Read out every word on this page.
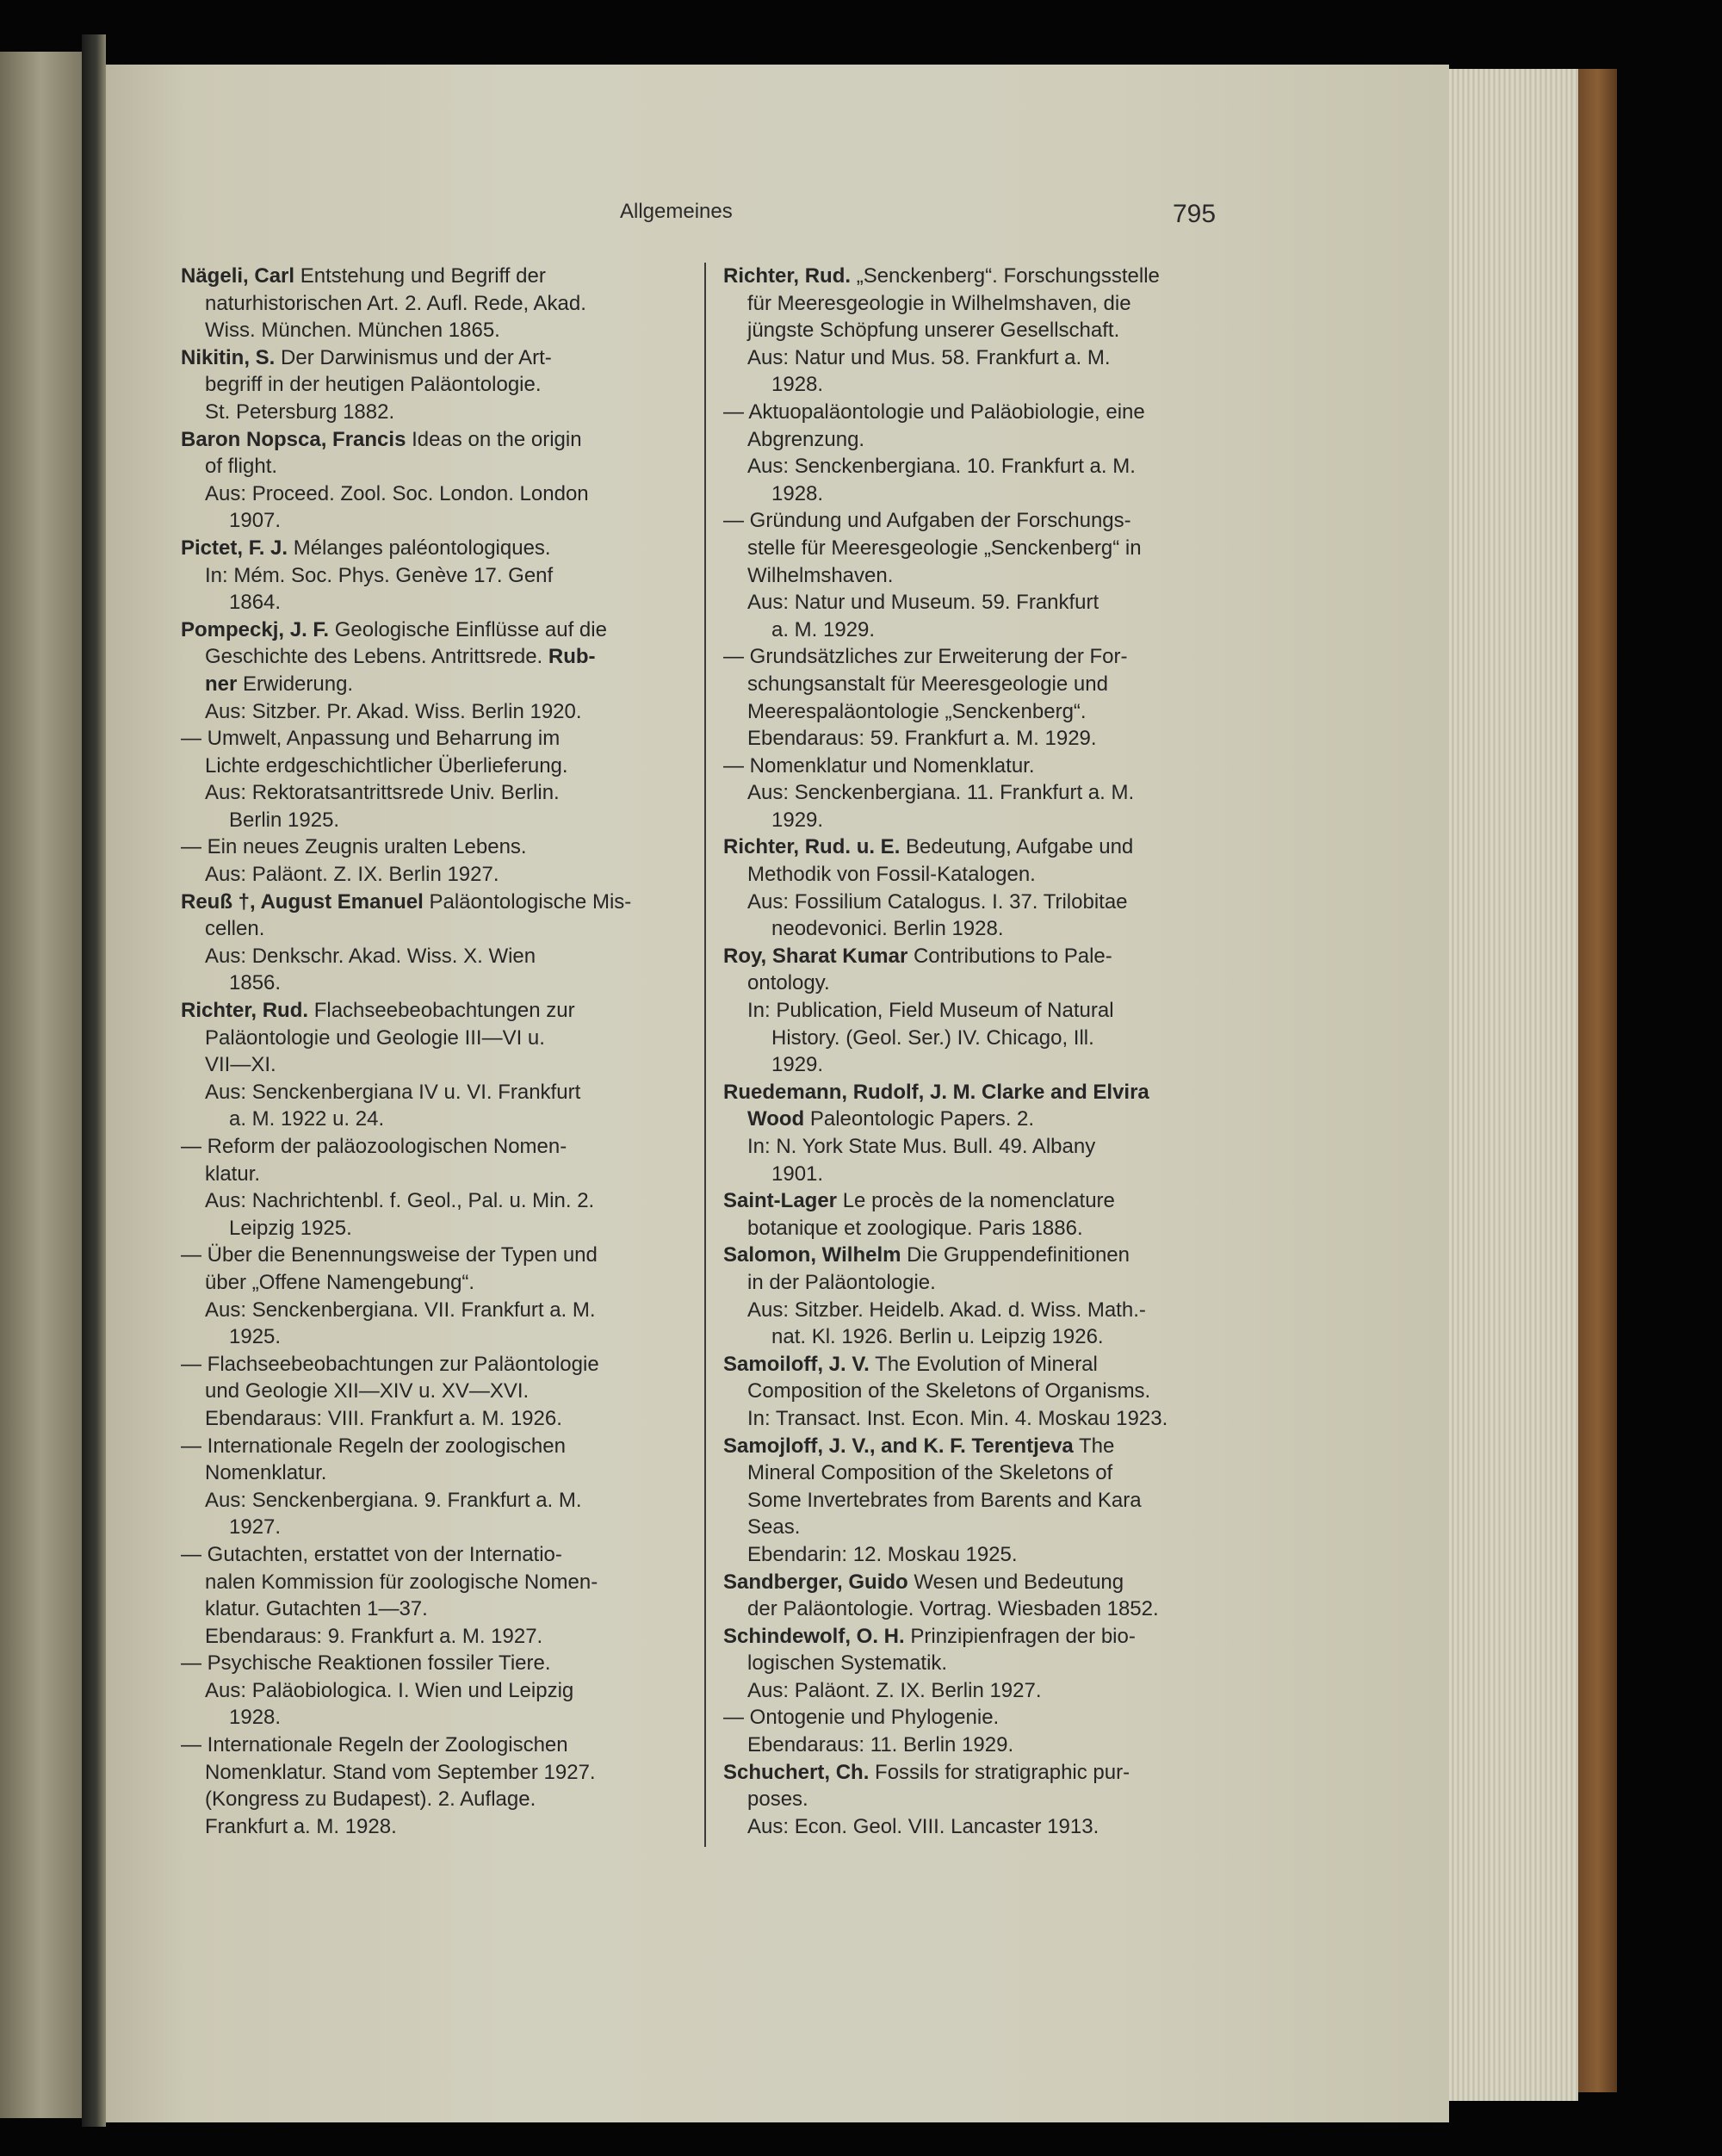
Allgemeines	795

Nägeli, Carl Entstehung und Begriff der
naturhistorischen Art. 2. Aufl. Rede, Akad.
Wiss. München. München 1865.

Nikitin, S. Der Darwinismus und der Art-
begriff in der heutigen Paläontologie.
St. Petersburg 1882.

Baron Nopsca, Francis Ideas on the origin
of flight.
Aus: Proceed. Zool. Soc. London. London
1907.

Pictet, F. J. Mélanges paléontologiques.
In: Mém. Soc. Phys. Genève 17. Genf
1864.

Pompeckj, J. F. Geologische Einflüsse auf die
Geschichte des Lebens. Antrittsrede. Rub-
ner Erwiderung.
Aus: Sitzber. Pr. Akad. Wiss. Berlin 1920.

— Umwelt, Anpassung und Beharrung im
Lichte erdgeschichtlicher Überlieferung.
Aus: Rektoratsantrittsrede Univ. Berlin.
Berlin 1925.

— Ein neues Zeugnis uralten Lebens.
Aus: Paläont. Z. IX. Berlin 1927.

Reuß †, August Emanuel Paläontologische Mis-
cellen.
Aus: Denkschr. Akad. Wiss. X. Wien
1856.

Richter, Rud. Flachseebeobachtungen zur
Paläontologie und Geologie III—VI u.
VII—XI.
Aus: Senckenbergiana IV u. VI. Frankfurt
a. M. 1922 u. 24.

— Reform der paläozoologischen Nomen-
klatur.
Aus: Nachrichtenbl. f. Geol., Pal. u. Min. 2.
Leipzig 1925.

— Über die Benennungsweise der Typen und
über „Offene Namengebung“.
Aus: Senckenbergiana. VII. Frankfurt a. M.
1925.

— Flachseebeobachtungen zur Paläontologie
und Geologie XII—XIV u. XV—XVI.
Ebendaraus: VIII. Frankfurt a. M. 1926.

— Internationale Regeln der zoologischen
Nomenklatur.
Aus: Senckenbergiana. 9. Frankfurt a. M.
1927.

— Gutachten, erstattet von der Internatio-
nalen Kommission für zoologische Nomen-
klatur. Gutachten 1—37.
Ebendaraus: 9. Frankfurt a. M. 1927.

— Psychische Reaktionen fossiler Tiere.
Aus: Paläobiologica. I. Wien und Leipzig
1928.

— Internationale Regeln der Zoologischen
Nomenklatur. Stand vom September 1927.
(Kongress zu Budapest). 2. Auflage.
Frankfurt a. M. 1928.

Richter, Rud. „Senckenberg“. Forschungsstelle
für Meeresgeologie in Wilhelmshaven, die
jüngste Schöpfung unserer Gesellschaft.
Aus: Natur und Mus. 58. Frankfurt a. M.
1928.

— Aktuopaläontologie und Paläobiologie, eine
Abgrenzung.
Aus: Senckenbergiana. 10. Frankfurt a. M.
1928.

— Gründung und Aufgaben der Forschungs-
stelle für Meeresgeologie „Senckenberg“ in
Wilhelmshaven.
Aus: Natur und Museum. 59. Frankfurt
a. M. 1929.

— Grundsätzliches zur Erweiterung der For-
schungsanstalt für Meeresgeologie und
Meerespaläontologie „Senckenberg“.
Ebendaraus: 59. Frankfurt a. M. 1929.

— Nomenklatur und Nomenklatur.
Aus: Senckenbergiana. 11. Frankfurt a. M.
1929.

Richter, Rud. u. E. Bedeutung, Aufgabe und
Methodik von Fossil-Katalogen.
Aus: Fossilium Catalogus. I. 37. Trilobitae
neodevonici. Berlin 1928.

Roy, Sharat Kumar Contributions to Pale-
ontology.
In: Publication, Field Museum of Natural
History. (Geol. Ser.) IV. Chicago, Ill.
1929.

Ruedemann, Rudolf, J. M. Clarke and Elvira
Wood Paleontologic Papers. 2.
In: N. York State Mus. Bull. 49. Albany
1901.

Saint-Lager Le procès de la nomenclature
botanique et zoologique. Paris 1886.

Salomon, Wilhelm Die Gruppendefinitionen
in der Paläontologie.
Aus: Sitzber. Heidelb. Akad. d. Wiss. Math.-
nat. Kl. 1926. Berlin u. Leipzig 1926.

Samoiloff, J. V. The Evolution of Mineral
Composition of the Skeletons of Organisms.
In: Transact. Inst. Econ. Min. 4. Moskau 1923.

Samojloff, J. V., and K. F. Terentjeva The
Mineral Composition of the Skeletons of
Some Invertebrates from Barents and Kara
Seas.
Ebendarin: 12. Moskau 1925.

Sandberger, Guido Wesen und Bedeutung
der Paläontologie. Vortrag. Wiesbaden 1852.

Schindewolf, O. H. Prinzipienfragen der bio-
logischen Systematik.
Aus: Paläont. Z. IX. Berlin 1927.

— Ontogenie und Phylogenie.
Ebendaraus: 11. Berlin 1929.

Schuchert, Ch. Fossils for stratigraphic pur-
poses.
Aus: Econ. Geol. VIII. Lancaster 1913.
